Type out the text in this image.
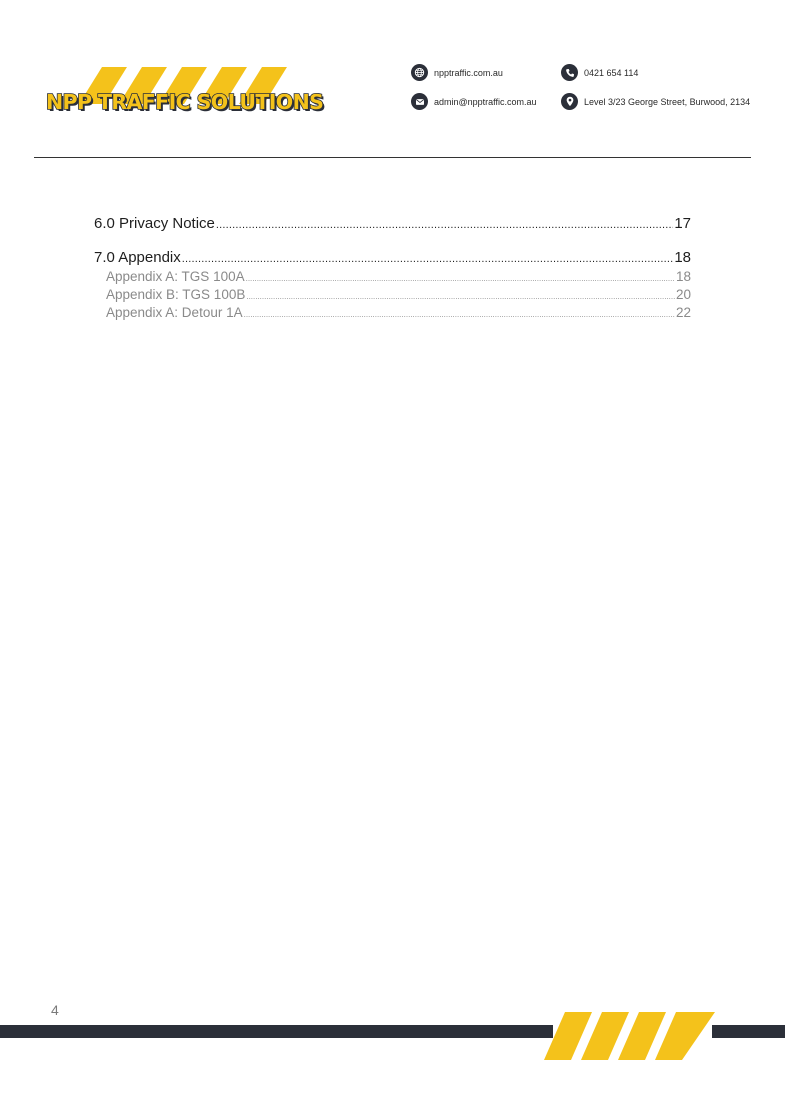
NPP TRAFFIC SOLUTIONS
npptraffic.com.au	0421 654 114
admin@npptraffic.com.au	Level 3/23 George Street, Burwood, 2134
6.0 Privacy Notice .....	17
7.0 Appendix .....	18
Appendix A: TGS 100A .....	18
Appendix B: TGS 100B .....	20
Appendix A: Detour 1A .....	22
4
